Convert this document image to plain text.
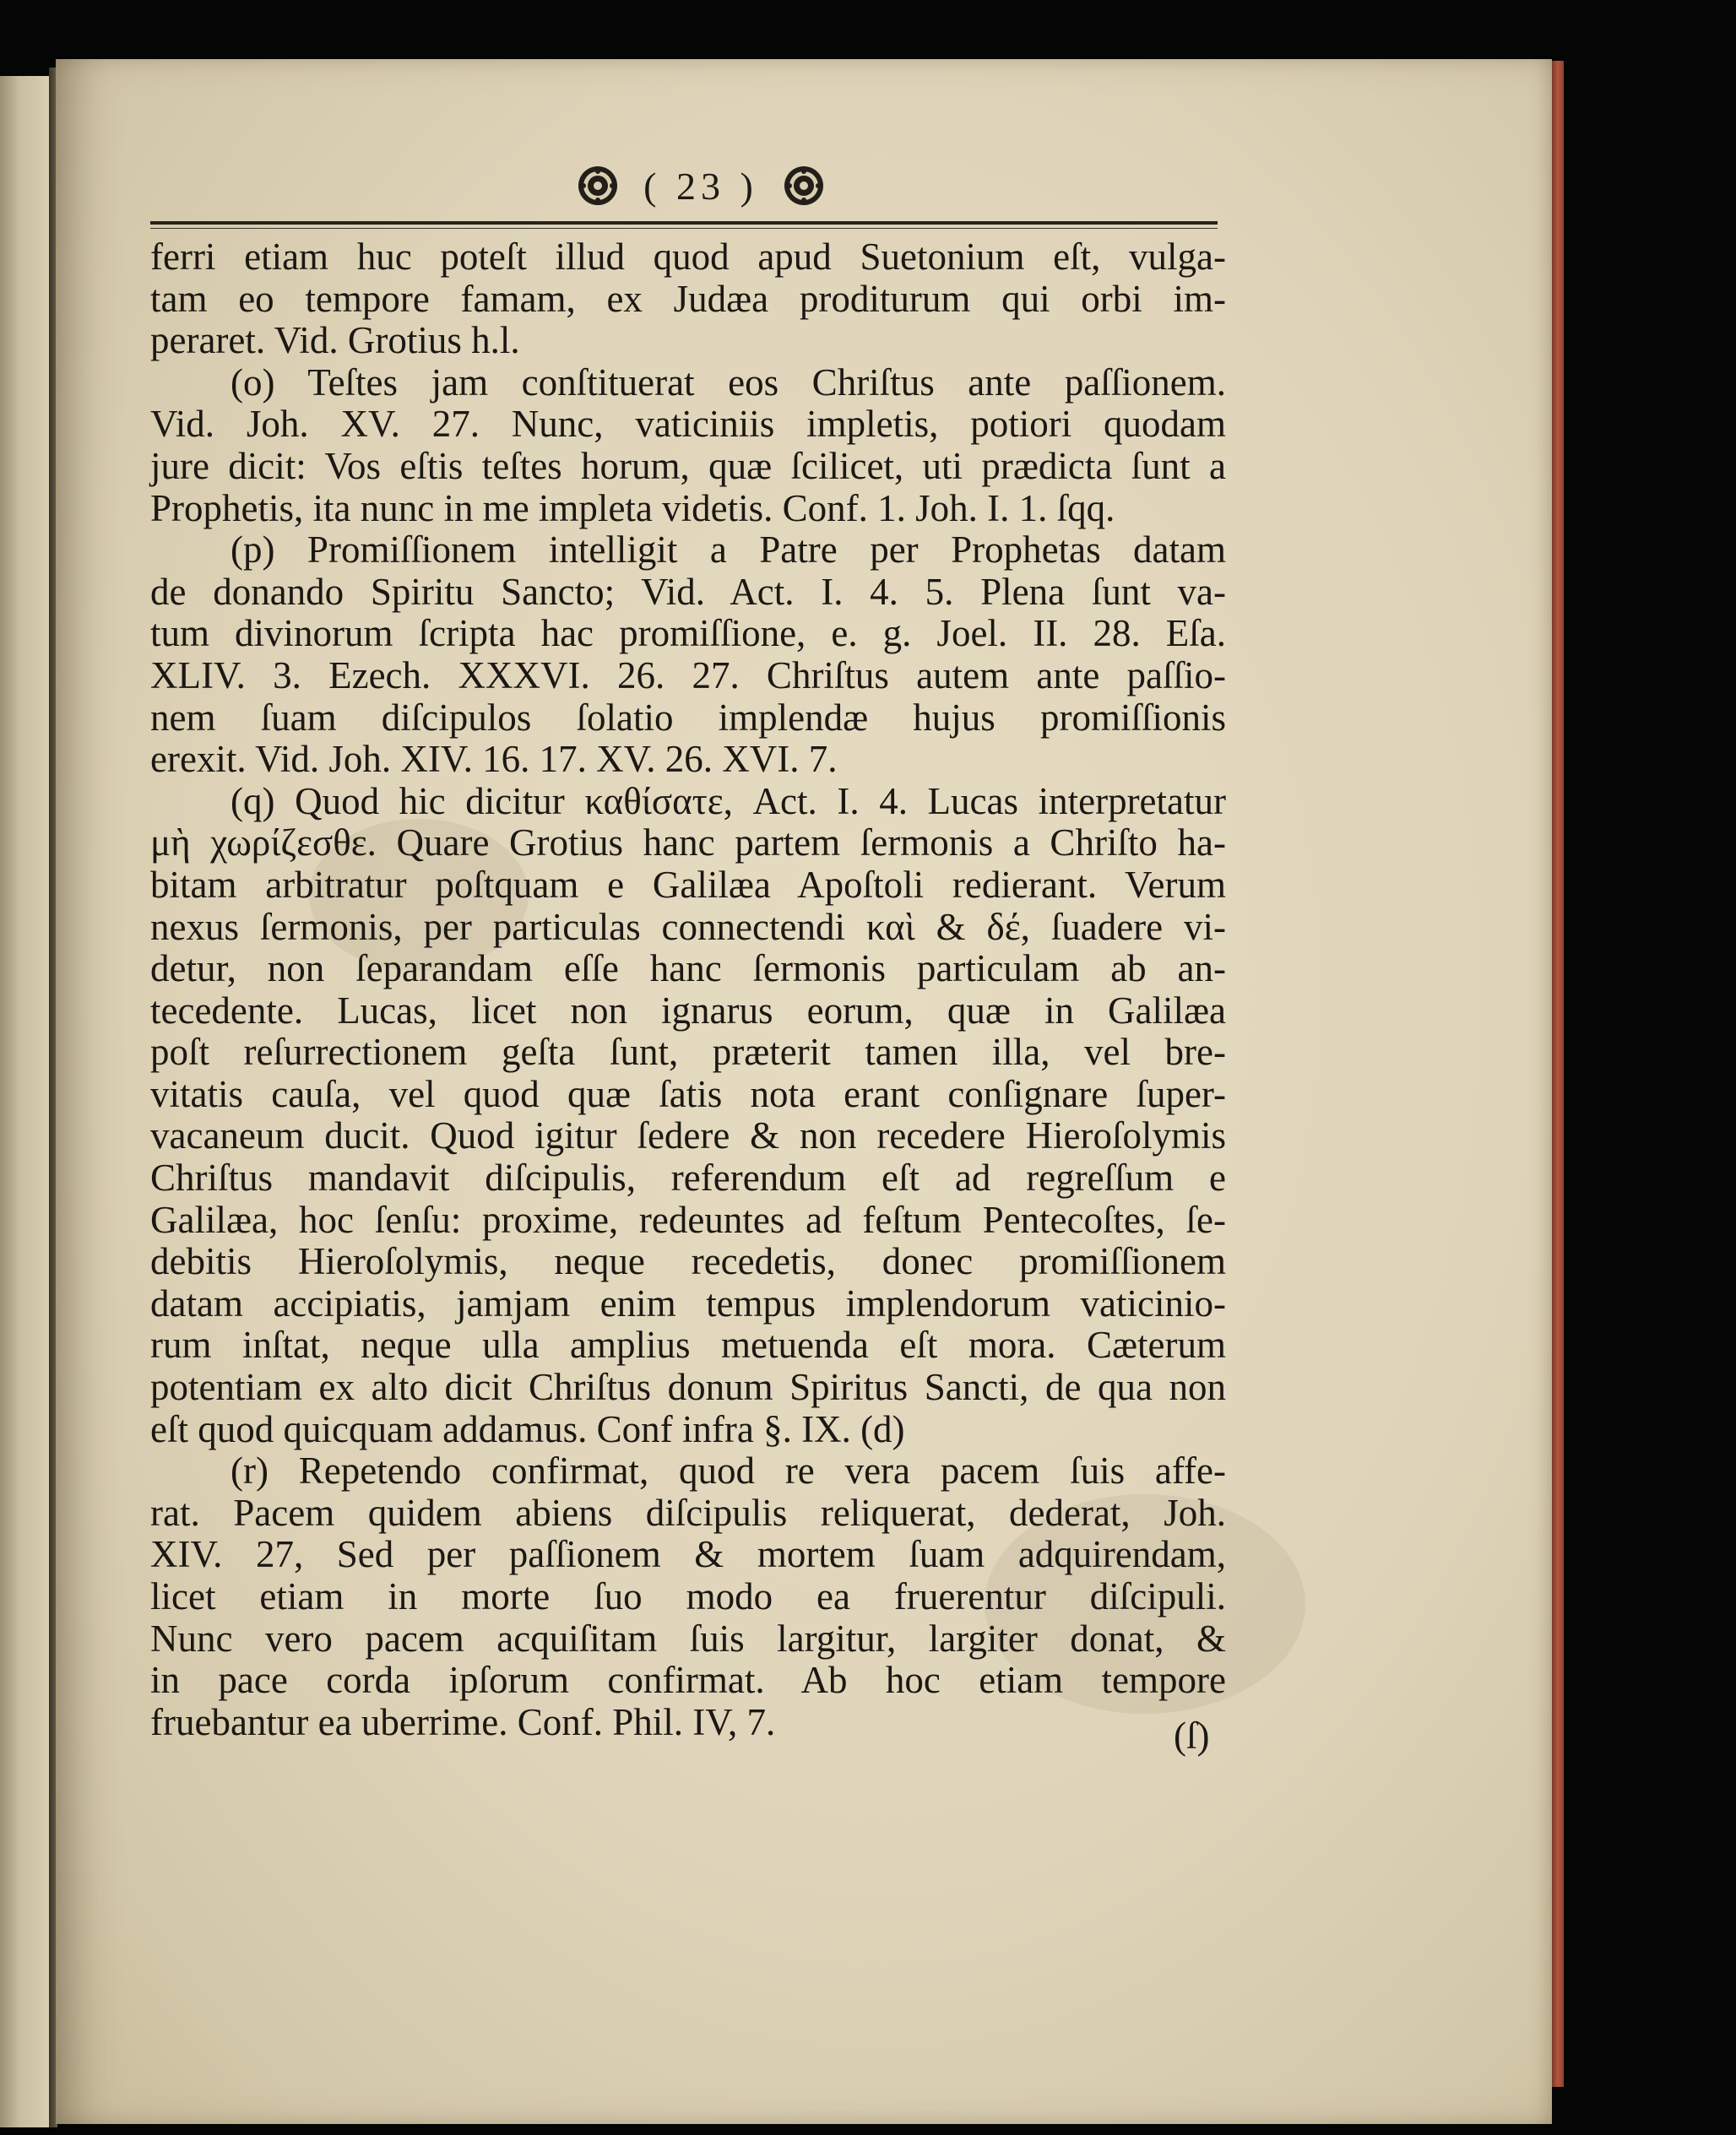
( 23 )
ferri etiam huc poteſt illud quod apud Suetonium eſt, vulga-
tam eo tempore famam, ex Judæa proditurum qui orbi im-
peraret. Vid. Grotius h.l.
(o) Teſtes jam conſtituerat eos Chriſtus ante paſſionem.
Vid. Joh. XV. 27. Nunc, vaticiniis impletis, potiori quodam
jure dicit: Vos eſtis teſtes horum, quæ ſcilicet, uti prædicta ſunt a
Prophetis, ita nunc in me impleta videtis. Conf. 1. Joh. I. 1. ſqq.
(p) Promiſſionem intelligit a Patre per Prophetas datam
de donando Spiritu Sancto; Vid. Act. I. 4. 5. Plena ſunt va-
tum divinorum ſcripta hac promiſſione, e. g. Joel. II. 28. Eſa.
XLIV. 3. Ezech. XXXVI. 26. 27. Chriſtus autem ante paſſio-
nem ſuam diſcipulos ſolatio implendæ hujus promiſſionis
erexit. Vid. Joh. XIV. 16. 17. XV. 26. XVI. 7.
(q) Quod hic dicitur καθίσατε, Act. I. 4. Lucas interpretatur
μὴ χωρίζεσθε. Quare Grotius hanc partem ſermonis a Chriſto ha-
bitam arbitratur poſtquam e Galilæa Apoſtoli redierant. Verum
nexus ſermonis, per particulas connectendi καὶ & δέ, ſuadere vi-
detur, non ſeparandam eſſe hanc ſermonis particulam ab an-
tecedente. Lucas, licet non ignarus eorum, quæ in Galilæa
poſt reſurrectionem geſta ſunt, præterit tamen illa, vel bre-
vitatis cauſa, vel quod quæ ſatis nota erant conſignare ſuper-
vacaneum ducit. Quod igitur ſedere & non recedere Hieroſolymis
Chriſtus mandavit diſcipulis, referendum eſt ad regreſſum e
Galilæa, hoc ſenſu: proxime, redeuntes ad feſtum Pentecoſtes, ſe-
debitis Hieroſolymis, neque recedetis, donec promiſſionem
datam accipiatis, jamjam enim tempus implendorum vaticinio-
rum inſtat, neque ulla amplius metuenda eſt mora. Cæterum
potentiam ex alto dicit Chriſtus donum Spiritus Sancti, de qua non
eſt quod quicquam addamus. Conf infra §. IX. (d)
(r) Repetendo confirmat, quod re vera pacem ſuis affe-
rat. Pacem quidem abiens diſcipulis reliquerat, dederat, Joh.
XIV. 27, Sed per paſſionem & mortem ſuam adquirendam,
licet etiam in morte ſuo modo ea fruerentur diſcipuli.
Nunc vero pacem acquiſitam ſuis largitur, largiter donat, &
in pace corda ipſorum confirmat. Ab hoc etiam tempore
fruebantur ea uberrime. Conf. Phil. IV, 7.	(ſ)
